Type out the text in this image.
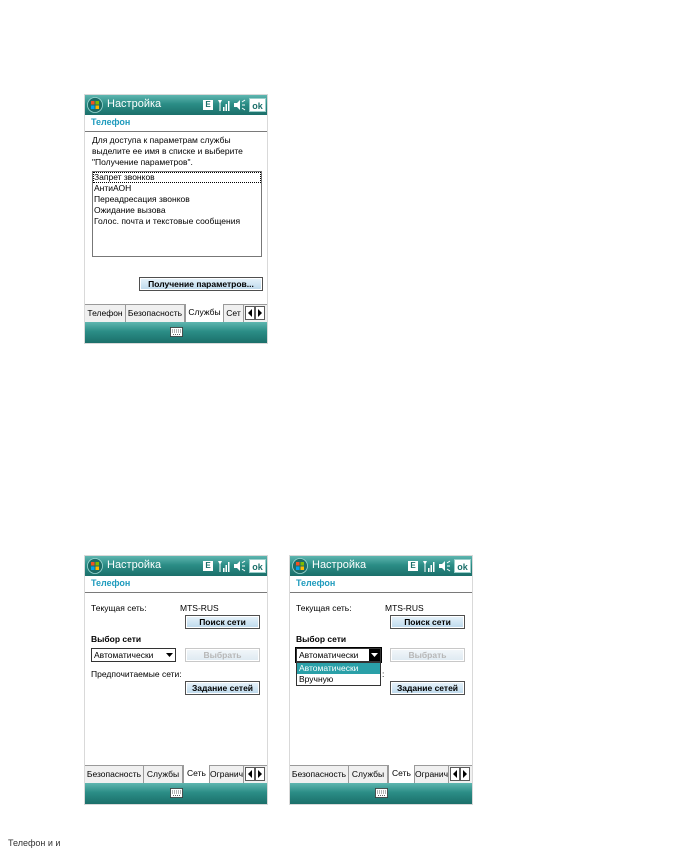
Настройка	E	ok
Телефон
Для доступа к параметрам службы выделите ее имя в списке и выберите "Получение параметров".
Запрет звонков
АнтиАОН
Переадресация звонков
Ожидание вызова
Голос. почта и текстовые сообщения
Получение параметров...
Телефон Безопасность Службы Сет
Настройка	E	ok
Телефон
Текущая сеть:	MTS-RUS
Поиск сети
Выбор сети
Автоматически	Выбрать
Предпочитаемые сети:
Задание сетей
Безопасность Службы Сеть Огранич
Настройка	E	ok
Телефон
Текущая сеть:	MTS-RUS
Поиск сети
Выбор сети
Автоматически
Автоматически
Вручную
Выбрать
:
Задание сетей
Безопасность Службы Сеть Огранич
Телефон и и
